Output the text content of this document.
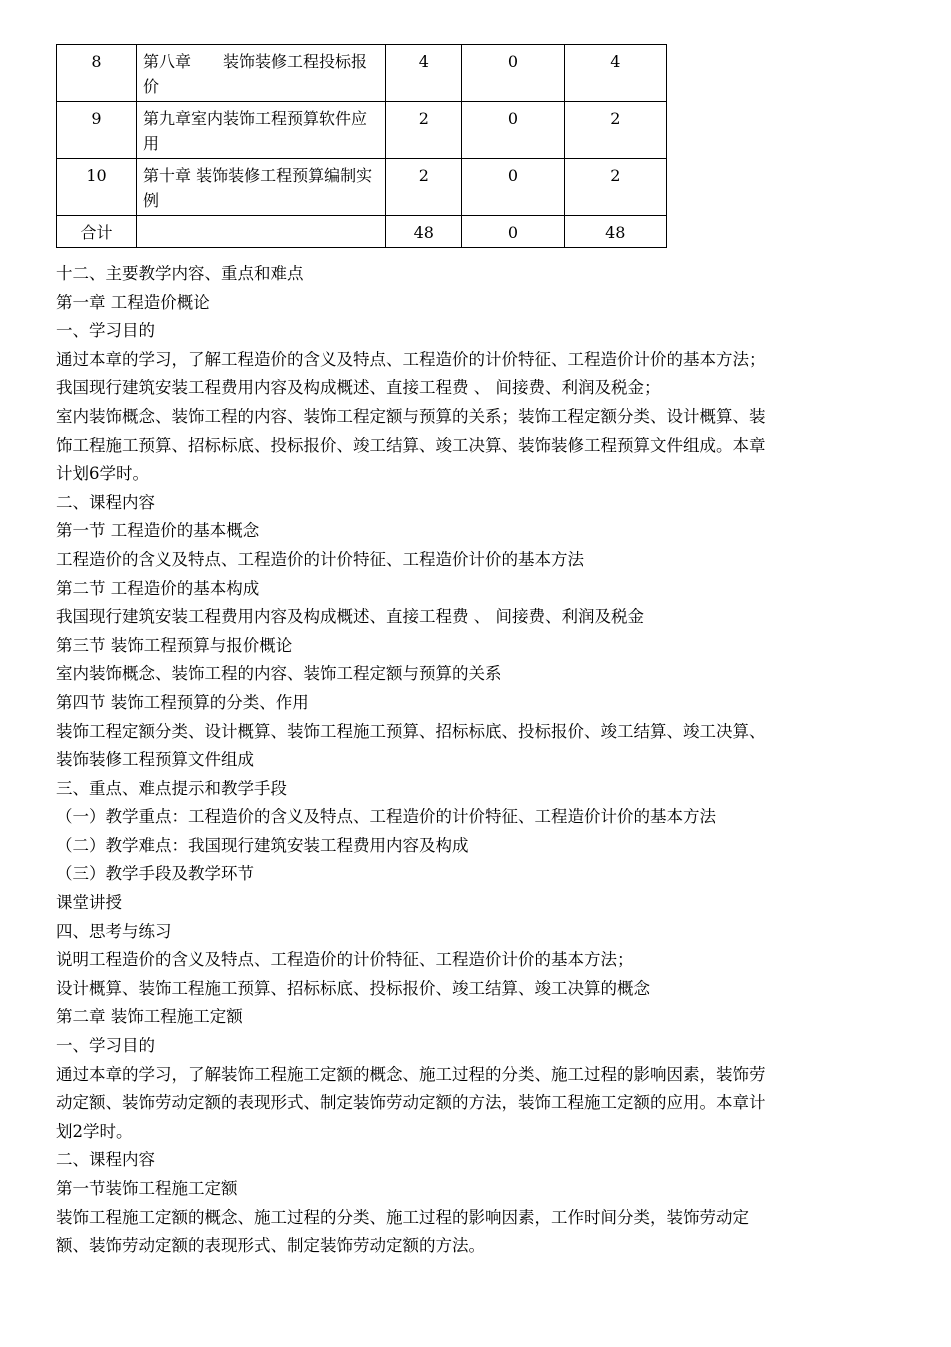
8	第八章　　装饰装修工程投标报价	4	0	4
9	第九章室内装饰工程预算软件应用	2	0	2
10	第十章 装饰装修工程预算编制实例	2	0	2
合计		48	0	48

十二、主要教学内容、重点和难点

第一章 工程造价概论

一、学习目的

通过本章的学习，了解工程造价的含义及特点、工程造价的计价特征、工程造价计价的基本方法；

我国现行建筑安装工程费用内容及构成概述、直接工程费 、 间接费、利润及税金；

室内装饰概念、装饰工程的内容、装饰工程定额与预算的关系；装饰工程定额分类、设计概算、装

饰工程施工预算、招标标底、投标报价、竣工结算、竣工决算、装饰装修工程预算文件组成。本章

计划6学时。

二、课程内容

第一节 工程造价的基本概念

工程造价的含义及特点、工程造价的计价特征、工程造价计价的基本方法

第二节 工程造价的基本构成

我国现行建筑安装工程费用内容及构成概述、直接工程费 、 间接费、利润及税金

第三节 装饰工程预算与报价概论

室内装饰概念、装饰工程的内容、装饰工程定额与预算的关系

第四节 装饰工程预算的分类、作用

装饰工程定额分类、设计概算、装饰工程施工预算、招标标底、投标报价、竣工结算、竣工决算、

装饰装修工程预算文件组成

三、重点、难点提示和教学手段

（一）教学重点：工程造价的含义及特点、工程造价的计价特征、工程造价计价的基本方法

（二）教学难点：我国现行建筑安装工程费用内容及构成

（三）教学手段及教学环节

课堂讲授

四、思考与练习

说明工程造价的含义及特点、工程造价的计价特征、工程造价计价的基本方法；

设计概算、装饰工程施工预算、招标标底、投标报价、竣工结算、竣工决算的概念

第二章 装饰工程施工定额

一、学习目的

通过本章的学习，了解装饰工程施工定额的概念、施工过程的分类、施工过程的影响因素，装饰劳

动定额、装饰劳动定额的表现形式、制定装饰劳动定额的方法，装饰工程施工定额的应用。本章计

划2学时。

二、课程内容

第一节装饰工程施工定额

装饰工程施工定额的概念、施工过程的分类、施工过程的影响因素，工作时间分类，装饰劳动定

额、装饰劳动定额的表现形式、制定装饰劳动定额的方法。
